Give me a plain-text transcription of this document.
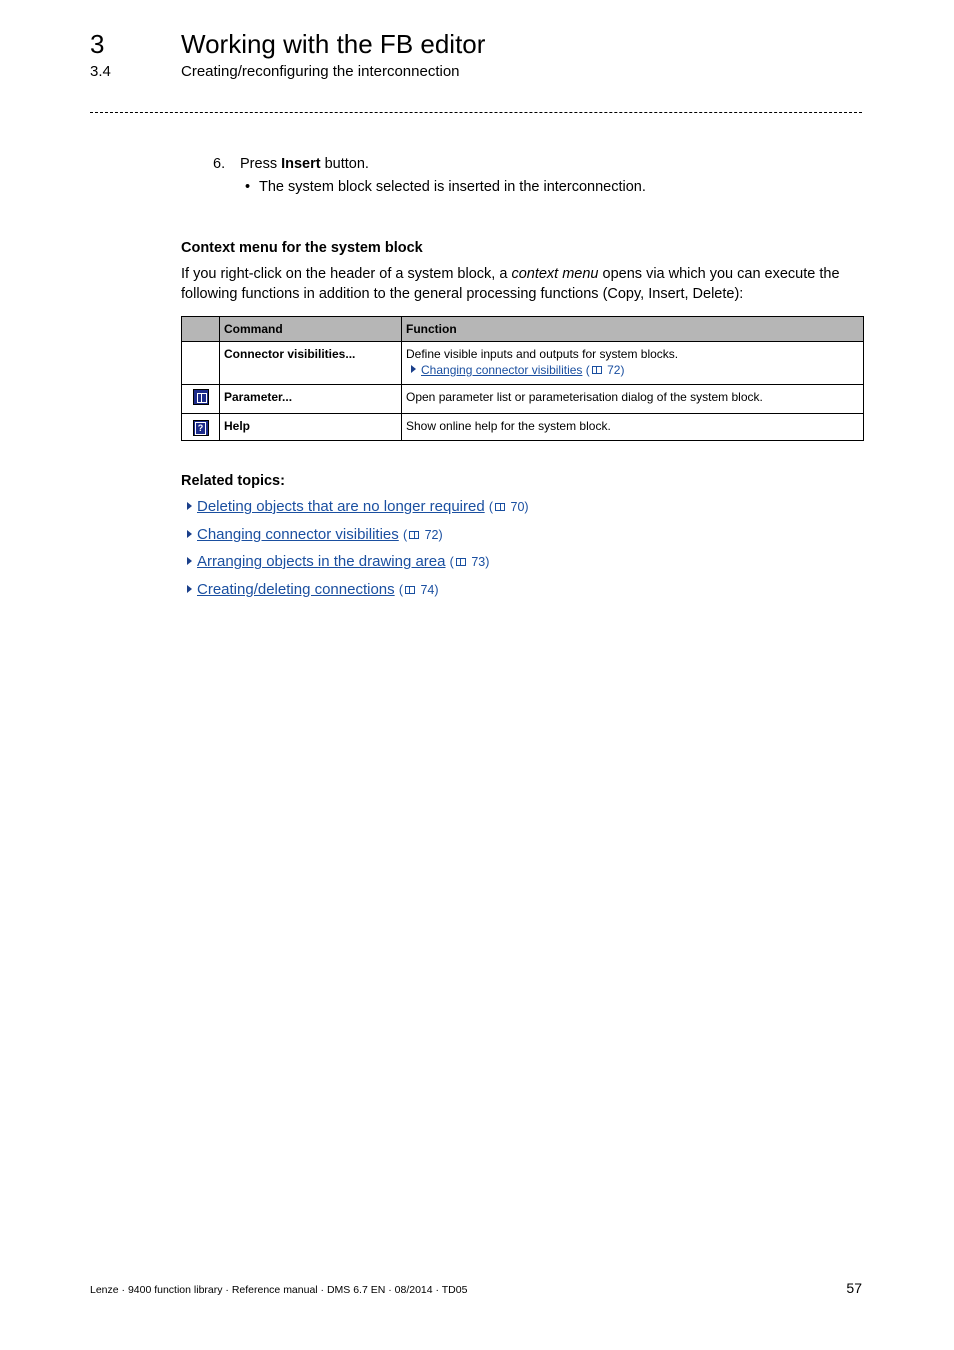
3	Working with the FB editor
3.4	Creating/reconfiguring the interconnection
6. Press Insert button.
• The system block selected is inserted in the interconnection.
Context menu for the system block
If you right-click on the header of a system block, a context menu opens via which you can execute the following functions in addition to the general processing functions (Copy, Insert, Delete):
	Command	Function
	Connector visibilities...	Define visible inputs and outputs for system blocks.
Changing connector visibilities ( 72)

	Parameter...	Open parameter list or parameterisation dialog of the system block.
?	Help	Show online help for the system block.
Related topics:
Deleting objects that are no longer required ( 70)
Changing connector visibilities ( 72)
Arranging objects in the drawing area ( 73)
Creating/deleting connections ( 74)
Lenze · 9400 function library · Reference manual · DMS 6.7 EN · 08/2014 · TD05	57
